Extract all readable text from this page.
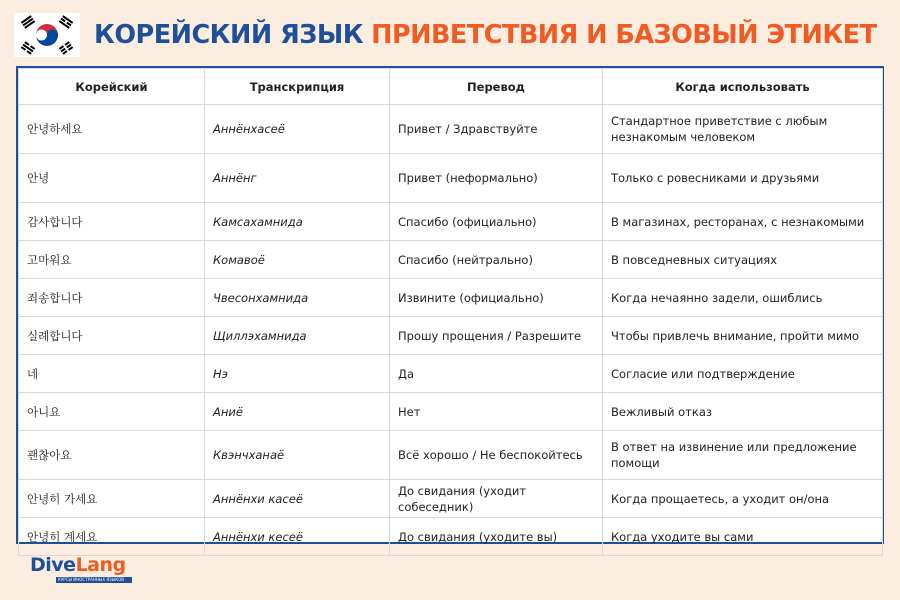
КОРЕЙСКИЙ ЯЗЫК ПРИВЕТСТВИЯ И БАЗОВЫЙ ЭТИКЕТ
Корейский	Транскрипция	Перевод	Когда использовать
안녕하세요	Аннёнхасеё	Привет / Здравствуйте	Стандартное приветствие с любым незнакомым человеком
안녕	Аннёнг	Привет (неформально)	Только с ровесниками и друзьями
감사합니다	Камсахамнида	Спасибо (официально)	В магазинах, ресторанах, с незнакомыми
고마워요	Комавоё	Спасибо (нейтрально)	В повседневных ситуациях
죄송합니다	Чвесонхамнида	Извините (официально)	Когда нечаянно задели, ошиблись
실례합니다	Щиллэхамнида	Прошу прощения / Разрешите	Чтобы привлечь внимание, пройти мимо
네	Нэ	Да	Согласие или подтверждение
아니요	Аниё	Нет	Вежливый отказ
괜찮아요	Квэнчханаё	Всё хорошо / Не беспокойтесь	В ответ на извинение или предложение помощи
안녕히 가세요	Аннёнхи касеё	До свидания (уходит собеседник)	Когда прощаетесь, а уходит он/она
안녕히 계세요	Аннёнхи кесеё	До свидания (уходите вы)	Когда уходите вы сами
DiveLang
КУРСЫ ИНОСТРАННЫХ ЯЗЫКОВ
